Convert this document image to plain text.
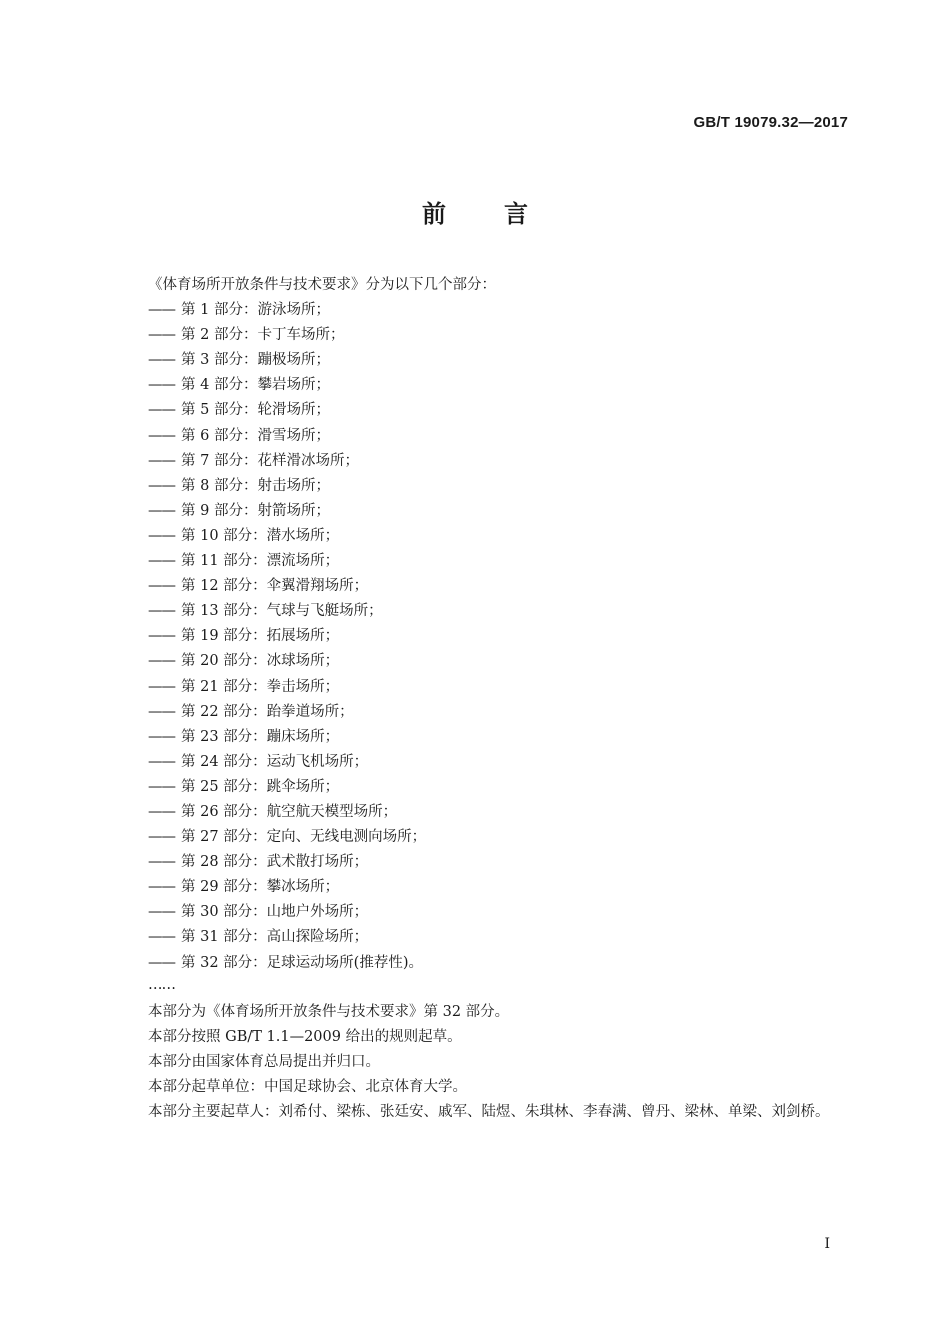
GB/T 19079.32—2017
前言
《体育场所开放条件与技术要求》分为以下几个部分：
—— 第 1 部分：游泳场所；
—— 第 2 部分：卡丁车场所；
—— 第 3 部分：蹦极场所；
—— 第 4 部分：攀岩场所；
—— 第 5 部分：轮滑场所；
—— 第 6 部分：滑雪场所；
—— 第 7 部分：花样滑冰场所；
—— 第 8 部分：射击场所；
—— 第 9 部分：射箭场所；
—— 第 10 部分：潜水场所；
—— 第 11 部分：漂流场所；
—— 第 12 部分：伞翼滑翔场所；
—— 第 13 部分：气球与飞艇场所；
—— 第 19 部分：拓展场所；
—— 第 20 部分：冰球场所；
—— 第 21 部分：拳击场所；
—— 第 22 部分：跆拳道场所；
—— 第 23 部分：蹦床场所；
—— 第 24 部分：运动飞机场所；
—— 第 25 部分：跳伞场所；
—— 第 26 部分：航空航天模型场所；
—— 第 27 部分：定向、无线电测向场所；
—— 第 28 部分：武术散打场所；
—— 第 29 部分：攀冰场所；
—— 第 30 部分：山地户外场所；
—— 第 31 部分：高山探险场所；
—— 第 32 部分：足球运动场所(推荐性)。
……
本部分为《体育场所开放条件与技术要求》第 32 部分。
本部分按照 GB/T 1.1—2009 给出的规则起草。
本部分由国家体育总局提出并归口。
本部分起草单位：中国足球协会、北京体育大学。
本部分主要起草人：刘希付、梁栋、张廷安、戚军、陆煜、朱琪林、李春满、曾丹、梁林、单梁、刘剑桥。
I
